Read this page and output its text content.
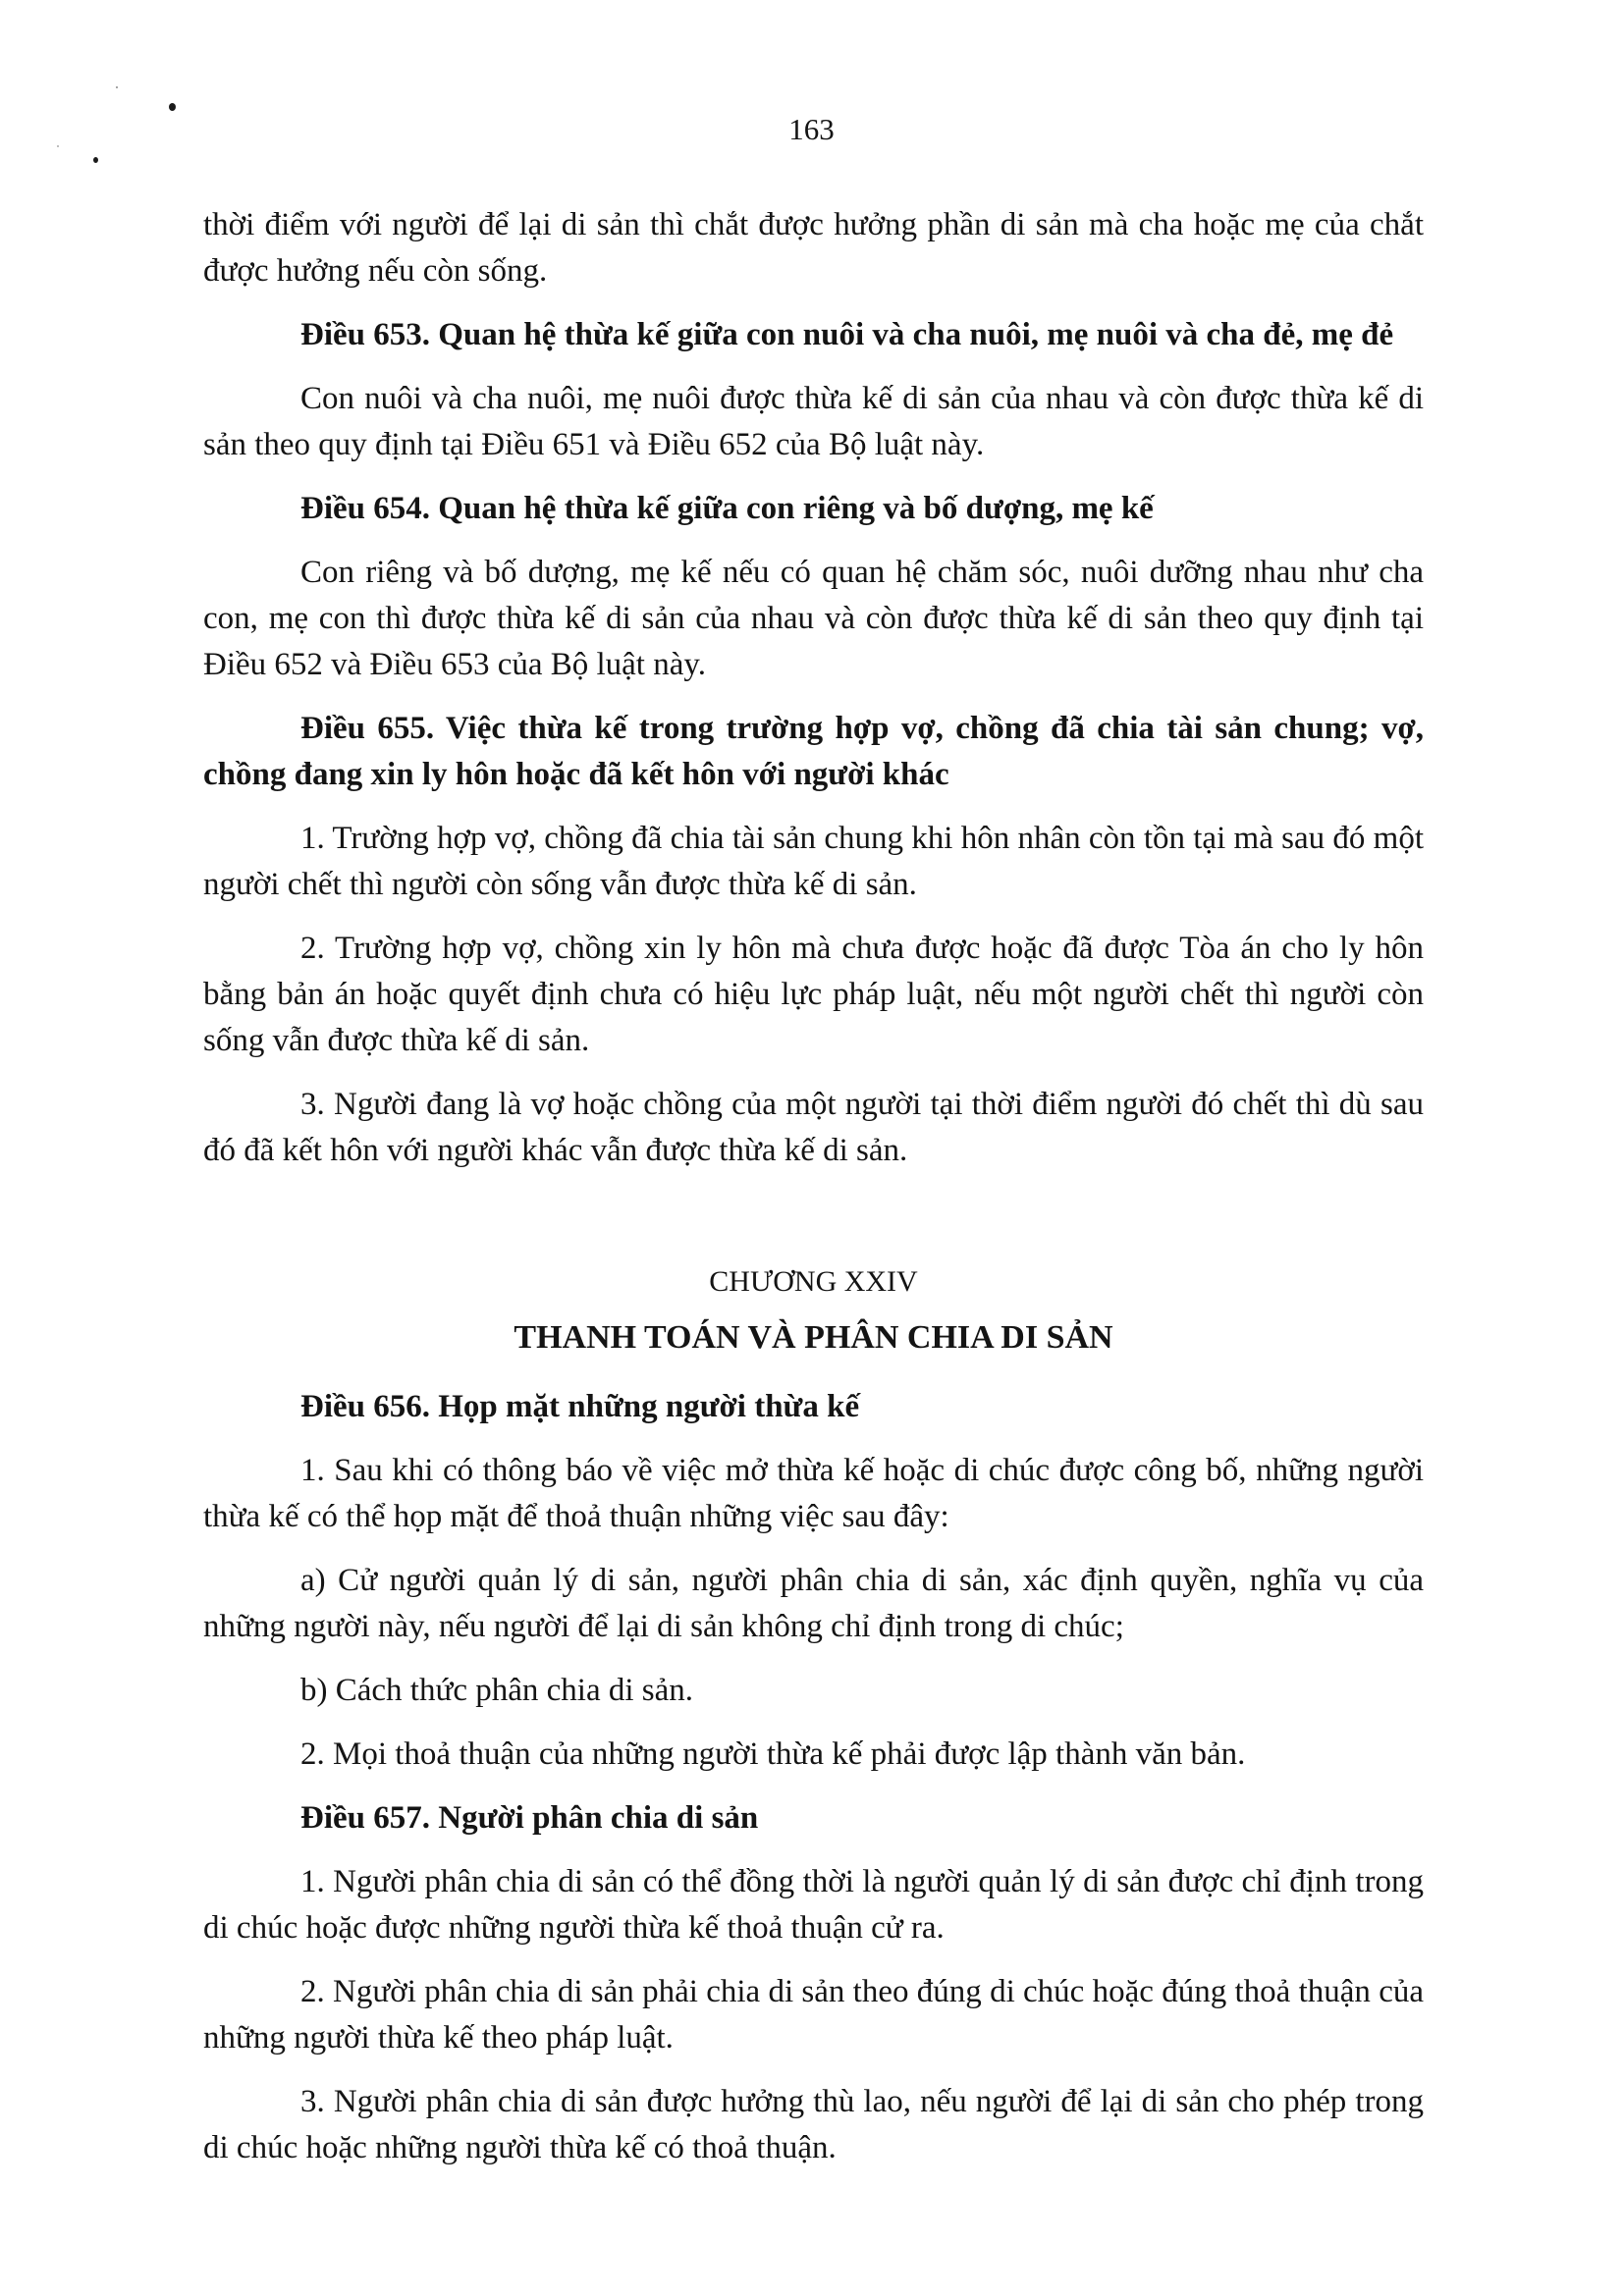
163

thời điểm với người để lại di sản thì chắt được hưởng phần di sản mà cha hoặc mẹ của chắt được hưởng nếu còn sống.

Điều 653. Quan hệ thừa kế giữa con nuôi và cha nuôi, mẹ nuôi và cha đẻ, mẹ đẻ

Con nuôi và cha nuôi, mẹ nuôi được thừa kế di sản của nhau và còn được thừa kế di sản theo quy định tại Điều 651 và Điều 652 của Bộ luật này.

Điều 654. Quan hệ thừa kế giữa con riêng và bố dượng, mẹ kế

Con riêng và bố dượng, mẹ kế nếu có quan hệ chăm sóc, nuôi dưỡng nhau như cha con, mẹ con thì được thừa kế di sản của nhau và còn được thừa kế di sản theo quy định tại Điều 652 và Điều 653 của Bộ luật này.

Điều 655. Việc thừa kế trong trường hợp vợ, chồng đã chia tài sản chung; vợ, chồng đang xin ly hôn hoặc đã kết hôn với người khác

1. Trường hợp vợ, chồng đã chia tài sản chung khi hôn nhân còn tồn tại mà sau đó một người chết thì người còn sống vẫn được thừa kế di sản.

2. Trường hợp vợ, chồng xin ly hôn mà chưa được hoặc đã được Tòa án cho ly hôn bằng bản án hoặc quyết định chưa có hiệu lực pháp luật, nếu một người chết thì người còn sống vẫn được thừa kế di sản.

3. Người đang là vợ hoặc chồng của một người tại thời điểm người đó chết thì dù sau đó đã kết hôn với người khác vẫn được thừa kế di sản.

CHƯƠNG XXIV

THANH TOÁN VÀ PHÂN CHIA DI SẢN

Điều 656. Họp mặt những người thừa kế

1. Sau khi có thông báo về việc mở thừa kế hoặc di chúc được công bố, những người thừa kế có thể họp mặt để thoả thuận những việc sau đây:

a) Cử người quản lý di sản, người phân chia di sản, xác định quyền, nghĩa vụ của những người này, nếu người để lại di sản không chỉ định trong di chúc;

b) Cách thức phân chia di sản.

2. Mọi thoả thuận của những người thừa kế phải được lập thành văn bản.

Điều 657. Người phân chia di sản

1. Người phân chia di sản có thể đồng thời là người quản lý di sản được chỉ định trong di chúc hoặc được những người thừa kế thoả thuận cử ra.

2. Người phân chia di sản phải chia di sản theo đúng di chúc hoặc đúng thoả thuận của những người thừa kế theo pháp luật.

3. Người phân chia di sản được hưởng thù lao, nếu người để lại di sản cho phép trong di chúc hoặc những người thừa kế có thoả thuận.
